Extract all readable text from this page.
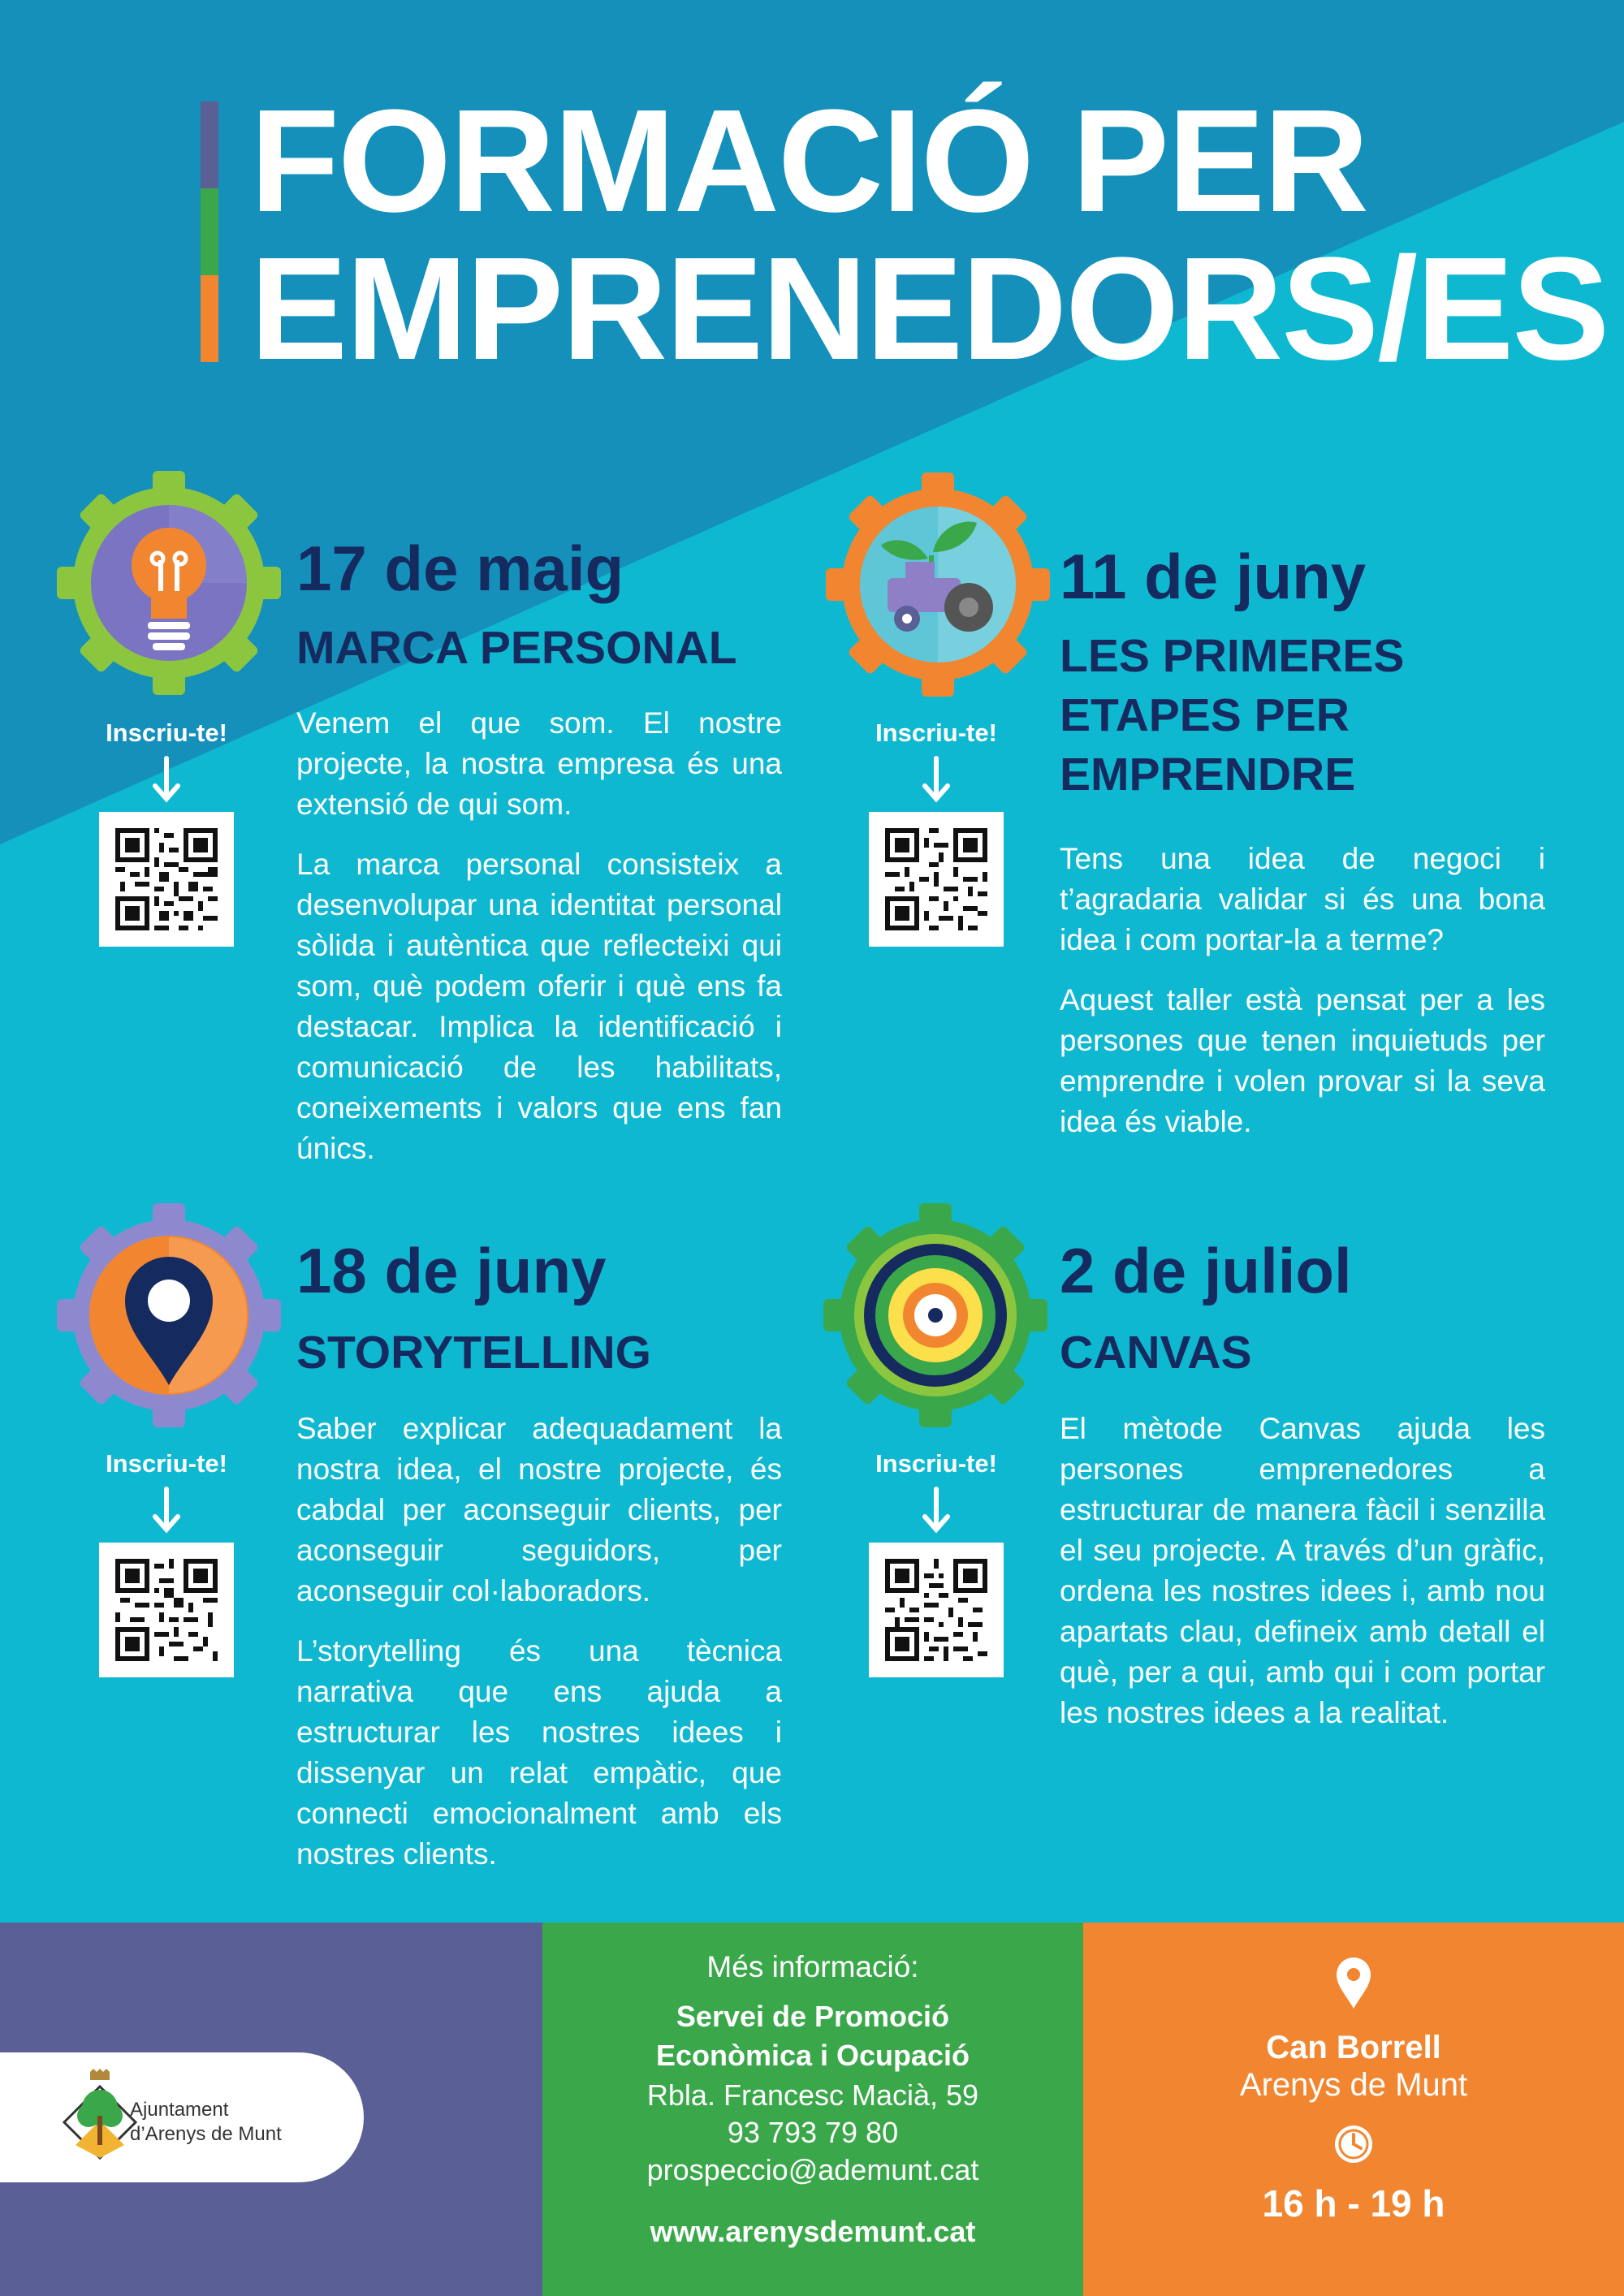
FORMACIÓ PER
EMPRENEDORS/ES
Inscriu-te!
17 de maig
MARCA PERSONAL

Venem el que som. El nostre projecte, la nostra empresa és una extensió de qui som.

La marca personal consisteix a desenvolupar una identitat personal sòlida i autèntica que reflecteixi qui som, què podem oferir i què ens fa destacar. Implica la identificació i comunicació de les habilitats, coneixements i valors que ens fan únics.

Inscriu-te!
11 de juny
LES PRIMERES ETAPES PER EMPRENDRE

Tens una idea de negoci i t’agradaria validar si és una bona idea i com portar-la a terme?

Aquest taller està pensat per a les persones que tenen inquietuds per emprendre i volen provar si la seva idea és viable.

Inscriu-te!
18 de juny
STORYTELLING

Saber explicar adequadament la nostra idea, el nostre projecte, és cabdal per aconseguir clients, per aconseguir seguidors, per aconseguir col·laboradors.

L’storytelling és una tècnica narrativa que ens ajuda a estructurar les nostres idees i dissenyar un relat empàtic, que connecti emocionalment amb els nostres clients.

Inscriu-te!
2 de juliol
CANVAS

El mètode Canvas ajuda les persones emprenedores a estructurar de manera fàcil i senzilla el seu projecte. A través d’un gràfic, ordena les nostres idees i, amb nou apartats clau, defineix amb detall el què, per a qui, amb qui i com portar les nostres idees a la realitat.

Ajuntament
d’Arenys de Munt
Més informació:
Servei de Promoció
Econòmica i Ocupació
Rbla. Francesc Macià, 59
93 793 79 80
prospeccio@ademunt.cat
www.arenysdemunt.cat
Can Borrell
Arenys de Munt
16 h - 19 h
